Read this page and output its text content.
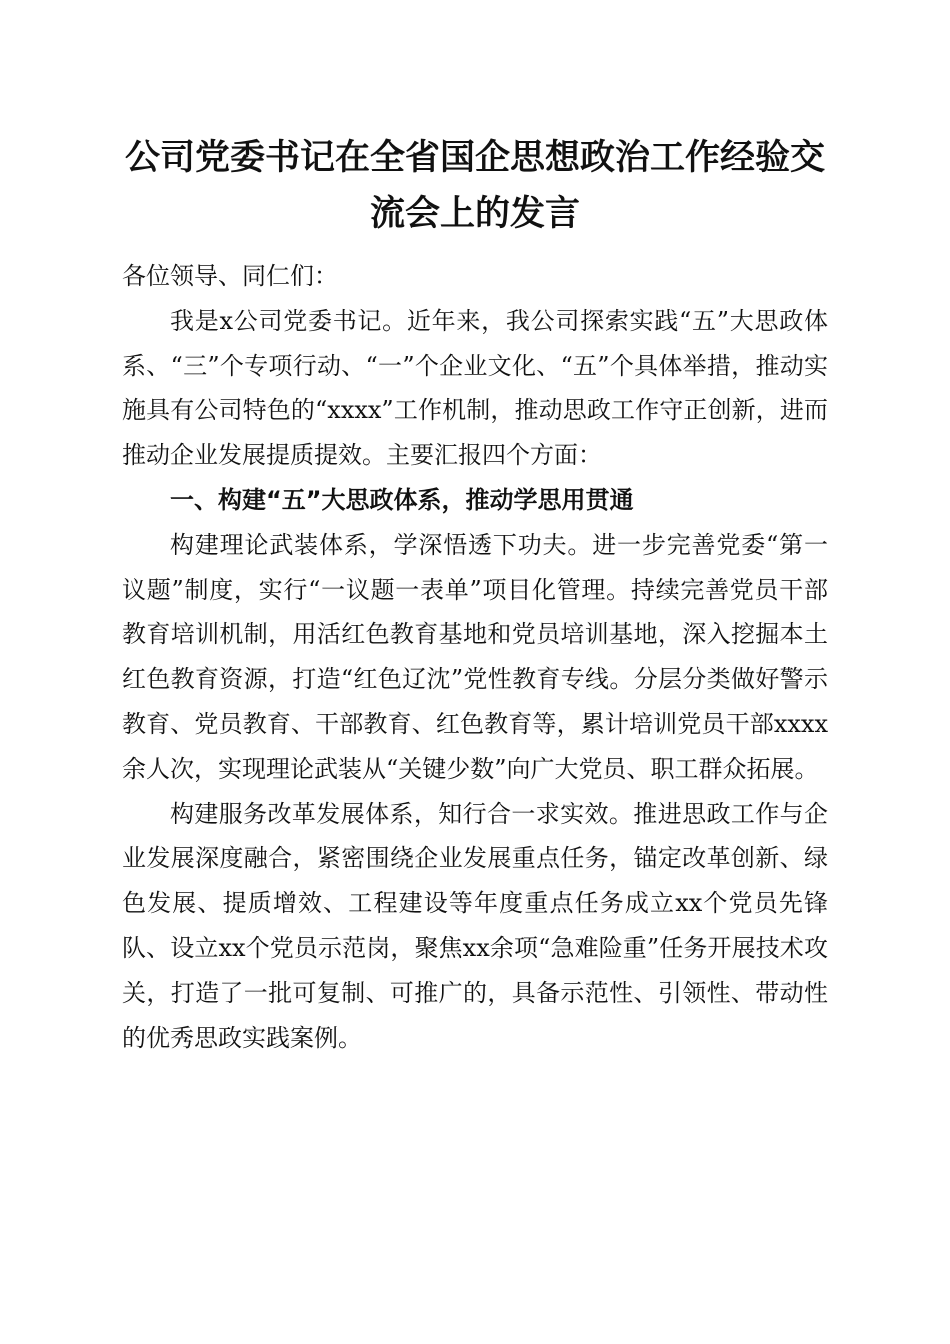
公司党委书记在全省国企思想政治工作经验交
流会上的发言

各位领导、同仁们：

我是x公司党委书记。近年来，我公司探索实践“五”大思政体系、“三”个专项行动、“一”个企业文化、“五”个具体举措，推动实施具有公司特色的“xxxx”工作机制，推动思政工作守正创新，进而推动企业发展提质提效。主要汇报四个方面：

一、构建“五”大思政体系，推动学思用贯通

构建理论武装体系，学深悟透下功夫。进一步完善党委“第一议题”制度，实行“一议题一表单”项目化管理。持续完善党员干部教育培训机制，用活红色教育基地和党员培训基地，深入挖掘本土红色教育资源，打造“红色辽沈”党性教育专线。分层分类做好警示教育、党员教育、干部教育、红色教育等，累计培训党员干部xxxx余人次，实现理论武装从“关键少数”向广大党员、职工群众拓展。

构建服务改革发展体系，知行合一求实效。推进思政工作与企业发展深度融合，紧密围绕企业发展重点任务，锚定改革创新、绿色发展、提质增效、工程建设等年度重点任务成立xx个党员先锋队、设立xx个党员示范岗，聚焦xx余项“急难险重”任务开展技术攻关，打造了一批可复制、可推广的，具备示范性、引领性、带动性的优秀思政实践案例。
